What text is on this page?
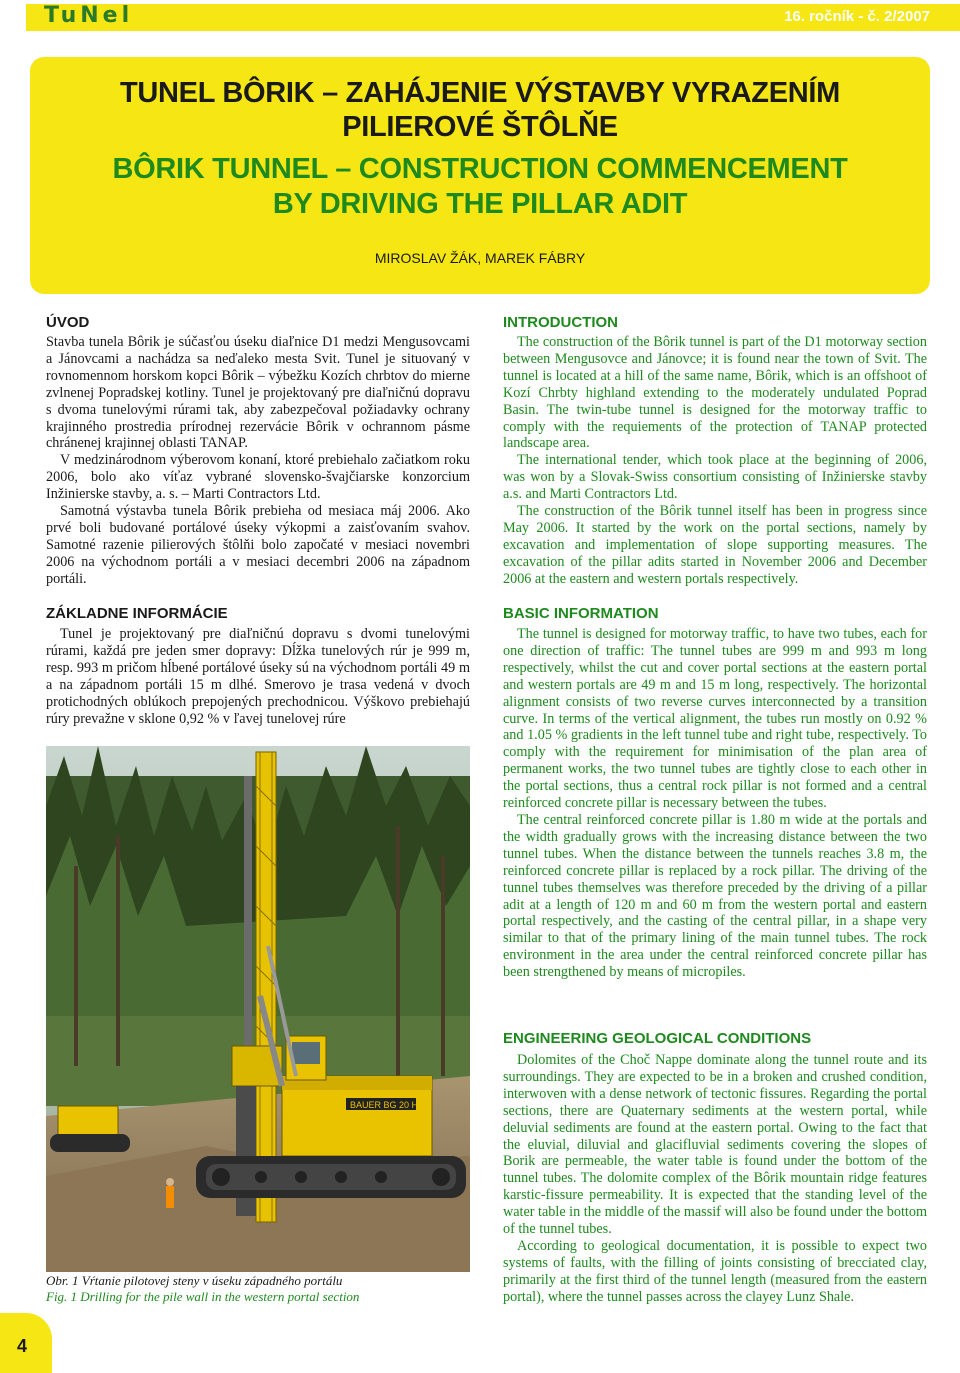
TuNel	16. ročník - č. 2/2007
TUNEL BÔRIK – ZAHÁJENIE VÝSTAVBY VYRAZENÍM
PILIEROVÉ ŠTÔLŇE
BÔRIK TUNNEL – CONSTRUCTION COMMENCEMENT
BY DRIVING THE PILLAR ADIT
MIROSLAV ŽÁK, MAREK FÁBRY
ÚVOD

Stavba tunela Bôrik je súčasťou úseku diaľnice D1 medzi Mengusovcami a Jánovcami a nachádza sa neďaleko mesta Svit. Tunel je situovaný v rovnomennom horskom kopci Bôrik – výbežku Kozích chrbtov do mierne zvlnenej Popradskej kotliny. Tunel je projektovaný pre diaľničnú dopravu s dvoma tunelovými rúrami tak, aby zabezpečoval požiadavky ochrany krajinného prostredia prírodnej rezervácie Bôrik v ochrannom pásme chránenej krajinnej oblasti TANAP.

V medzinárodnom výberovom konaní, ktoré prebiehalo začiatkom roku 2006, bolo ako víťaz vybrané slovensko-švajčiarske konzorcium Inžinierske stavby, a. s. – Marti Contractors Ltd.

Samotná výstavba tunela Bôrik prebieha od mesiaca máj 2006. Ako prvé boli budované portálové úseky výkopmi a zaisťovaním svahov. Samotné razenie pilierových štôlňi bolo započaté v mesiaci novembri 2006 na východnom portáli a v mesiaci decembri 2006 na západnom portáli.

ZÁKLADNE INFORMÁCIE

Tunel je projektovaný pre diaľničnú dopravu s dvomi tunelovými rúrami, každá pre jeden smer dopravy: Dĺžka tunelových rúr je 999 m, resp. 993 m pričom hĺbené portálové úseky sú na východnom portáli 49 m a na západnom portáli 15 m dlhé. Smerovo je trasa vedená v dvoch protichodných oblúkoch prepojených prechodnicou. Výškovo prebiehajú rúry prevažne v sklone 0,92 % v ľavej tunelovej rúre

BAUER BG 20 H
Obr. 1 Vŕtanie pilotovej steny v úseku západného portálu
Fig. 1 Drilling for the pile wall in the western portal section
INTRODUCTION

The construction of the Bôrik tunnel is part of the D1 motorway section between Mengusovce and Jánovce; it is found near the town of Svit. The tunnel is located at a hill of the same name, Bôrik, which is an offshoot of Kozí Chrbty highland extending to the moderately undulated Poprad Basin. The twin-tube tunnel is designed for the motorway traffic to comply with the requiements of the protection of TANAP protected landscape area.

The international tender, which took place at the beginning of 2006, was won by a Slovak-Swiss consortium consisting of Inžinierske stavby a.s. and Marti Contractors Ltd.

The construction of the Bôrik tunnel itself has been in progress since May 2006. It started by the work on the portal sections, namely by excavation and implementation of slope supporting measures. The excavation of the pillar adits started in November 2006 and December 2006 at the eastern and western portals respectively.

BASIC INFORMATION

The tunnel is designed for motorway traffic, to have two tubes, each for one direction of traffic: The tunnel tubes are 999 m and 993 m long respectively, whilst the cut and cover portal sections at the eastern portal and western portals are 49 m and 15 m long, respectively. The horizontal alignment consists of two reverse curves interconnected by a transition curve. In terms of the vertical alignment, the tubes run mostly on 0.92 % and 1.05 % gradients in the left tunnel tube and right tube, respectively. To comply with the requirement for minimisation of the plan area of permanent works, the two tunnel tubes are tightly close to each other in the portal sections, thus a central rock pillar is not formed and a central reinforced concrete pillar is necessary between the tubes.

The central reinforced concrete pillar is 1.80 m wide at the portals and the width gradually grows with the increasing distance between the two tunnel tubes. When the distance between the tunnels reaches 3.8 m, the reinforced concrete pillar is replaced by a rock pillar. The driving of the tunnel tubes themselves was therefore preceded by the driving of a pillar adit at a length of 120 m and 60 m from the western portal and eastern portal respectively, and the casting of the central pillar, in a shape very similar to that of the primary lining of the main tunnel tubes. The rock environment in the area under the central reinforced concrete pillar has been strengthened by means of micropiles.

ENGINEERING GEOLOGICAL CONDITIONS

Dolomites of the Choč Nappe dominate along the tunnel route and its surroundings. They are expected to be in a broken and crushed condition, interwoven with a dense network of tectonic fissures. Regarding the portal sections, there are Quaternary sediments at the western portal, while deluvial sediments are found at the eastern portal. Owing to the fact that the eluvial, diluvial and glacifluvial sediments covering the slopes of Borik are permeable, the water table is found under the bottom of the tunnel tubes. The dolomite complex of the Bôrik mountain ridge features karstic-fissure permeability. It is expected that the standing level of the water table in the middle of the massif will also be found under the bottom of the tunnel tubes.

According to geological documentation, it is possible to expect two systems of faults, with the filling of joints consisting of brecciated clay, primarily at the first third of the tunnel length (measured from the eastern portal), where the tunnel passes across the clayey Lunz Shale.

4
